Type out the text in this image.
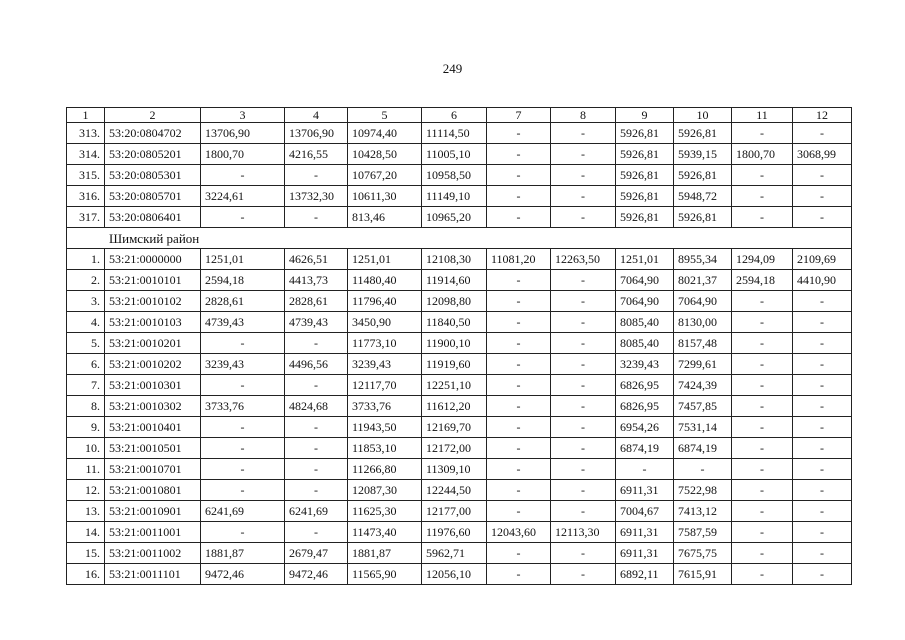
249
1	2	3	4	5	6	7	8	9	10	11	12
313.	53:20:0804702	13706,90	13706,90	10974,40	11114,50	-	-	5926,81	5926,81	-	-
314.	53:20:0805201	1800,70	4216,55	10428,50	11005,10	-	-	5926,81	5939,15	1800,70	3068,99
315.	53:20:0805301	-	-	10767,20	10958,50	-	-	5926,81	5926,81	-	-
316.	53:20:0805701	3224,61	13732,30	10611,30	11149,10	-	-	5926,81	5948,72	-	-
317.	53:20:0806401	-	-	813,46	10965,20	-	-	5926,81	5926,81	-	-
Шимский район											
1.	53:21:0000000	1251,01	4626,51	1251,01	12108,30	11081,20	12263,50	1251,01	8955,34	1294,09	2109,69
2.	53:21:0010101	2594,18	4413,73	11480,40	11914,60	-	-	7064,90	8021,37	2594,18	4410,90
3.	53:21:0010102	2828,61	2828,61	11796,40	12098,80	-	-	7064,90	7064,90	-	-
4.	53:21:0010103	4739,43	4739,43	3450,90	11840,50	-	-	8085,40	8130,00	-	-
5.	53:21:0010201	-	-	11773,10	11900,10	-	-	8085,40	8157,48	-	-
6.	53:21:0010202	3239,43	4496,56	3239,43	11919,60	-	-	3239,43	7299,61	-	-
7.	53:21:0010301	-	-	12117,70	12251,10	-	-	6826,95	7424,39	-	-
8.	53:21:0010302	3733,76	4824,68	3733,76	11612,20	-	-	6826,95	7457,85	-	-
9.	53:21:0010401	-	-	11943,50	12169,70	-	-	6954,26	7531,14	-	-
10.	53:21:0010501	-	-	11853,10	12172,00	-	-	6874,19	6874,19	-	-
11.	53:21:0010701	-	-	11266,80	11309,10	-	-	-	-	-	-
12.	53:21:0010801	-	-	12087,30	12244,50	-	-	6911,31	7522,98	-	-
13.	53:21:0010901	6241,69	6241,69	11625,30	12177,00	-	-	7004,67	7413,12	-	-
14.	53:21:0011001	-	-	11473,40	11976,60	12043,60	12113,30	6911,31	7587,59	-	-
15.	53:21:0011002	1881,87	2679,47	1881,87	5962,71	-	-	6911,31	7675,75	-	-
16.	53:21:0011101	9472,46	9472,46	11565,90	12056,10	-	-	6892,11	7615,91	-	-
